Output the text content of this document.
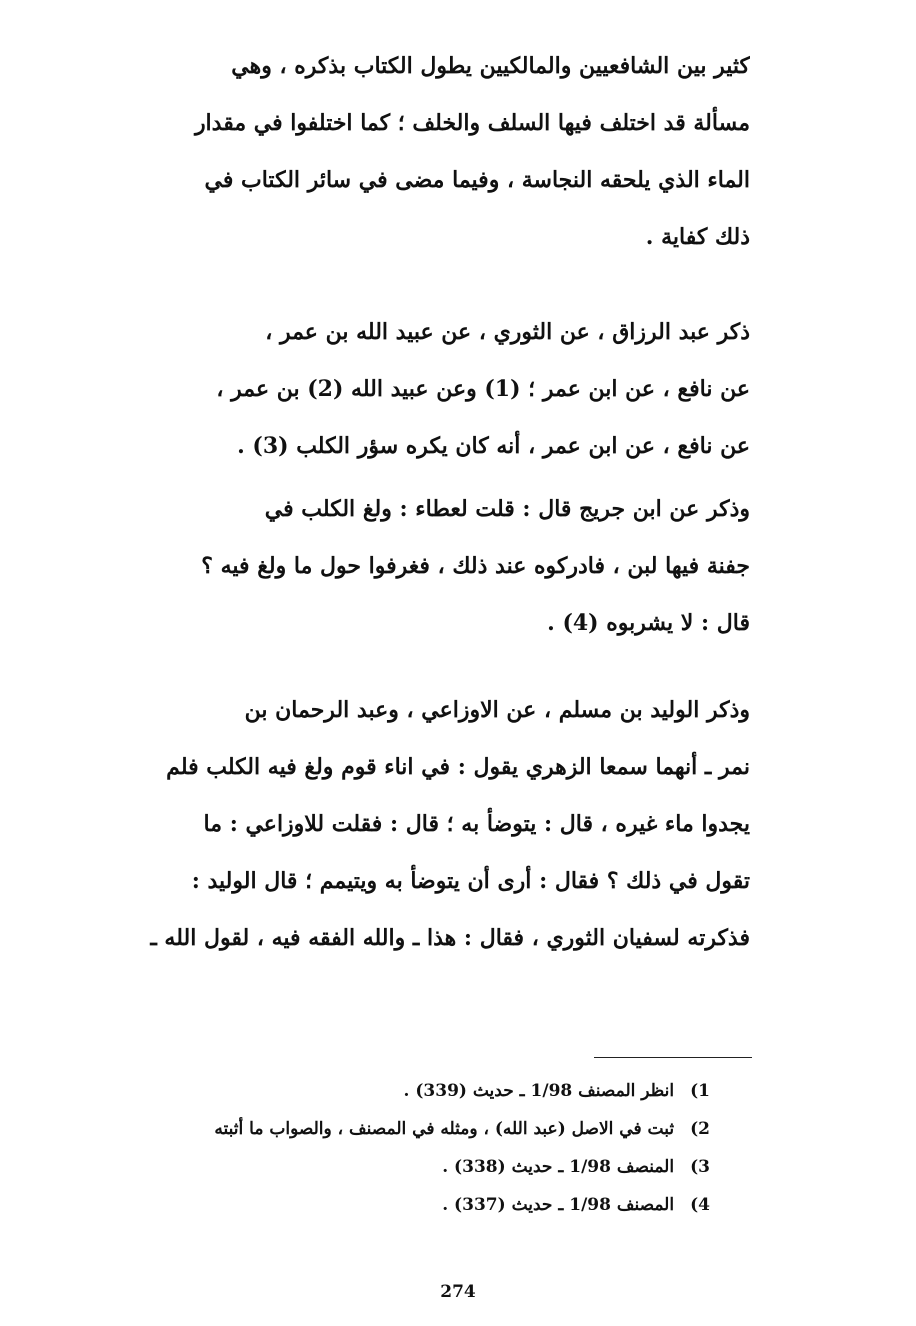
كثير بين الشافعيين والمالكيين يطول الكتاب بذكره ، وهي
مسألة قد اختلف فيها السلف والخلف ؛ كما اختلفوا في مقدار
الماء الذي يلحقه النجاسة ، وفيما مضى في سائر الكتاب في
ذلك كفاية .
ذكر عبد الرزاق ، عن الثوري ، عن عبيد الله بن عمر ،
عن نافع ، عن ابن عمر ؛ (1) وعن عبيد الله (2) بن عمر ،
عن نافع ، عن ابن عمر ، أنه كان يكره سؤر الكلب (3) .
وذكر عن ابن جريج قال : قلت لعطاء : ولغ الكلب في
جفنة فيها لبن ، فادركوه عند ذلك ، فغرفوا حول ما ولغ فيه ؟
قال : لا يشربوه (4) .
وذكر الوليد بن مسلم ، عن الاوزاعي ، وعبد الرحمان بن
نمر ـ أنهما سمعا الزهري يقول : في اناء قوم ولغ فيه الكلب فلم
يجدوا ماء غيره ، قال : يتوضأ به ؛ قال : فقلت للاوزاعي : ما
تقول في ذلك ؟ فقال : أرى أن يتوضأ به ويتيمم ؛ قال الوليد :
فذكرته لسفيان الثوري ، فقال : هذا ـ والله الفقه فيه ، لقول الله ـ
1) انظر المصنف 1/98 ـ حديث (339) .
2) ثبت في الاصل (عبد الله) ، ومثله في المصنف ، والصواب ما أثبته
3) المنصف 1/98 ـ حديث (338) .
4) المصنف 1/98 ـ حديث (337) .
274
